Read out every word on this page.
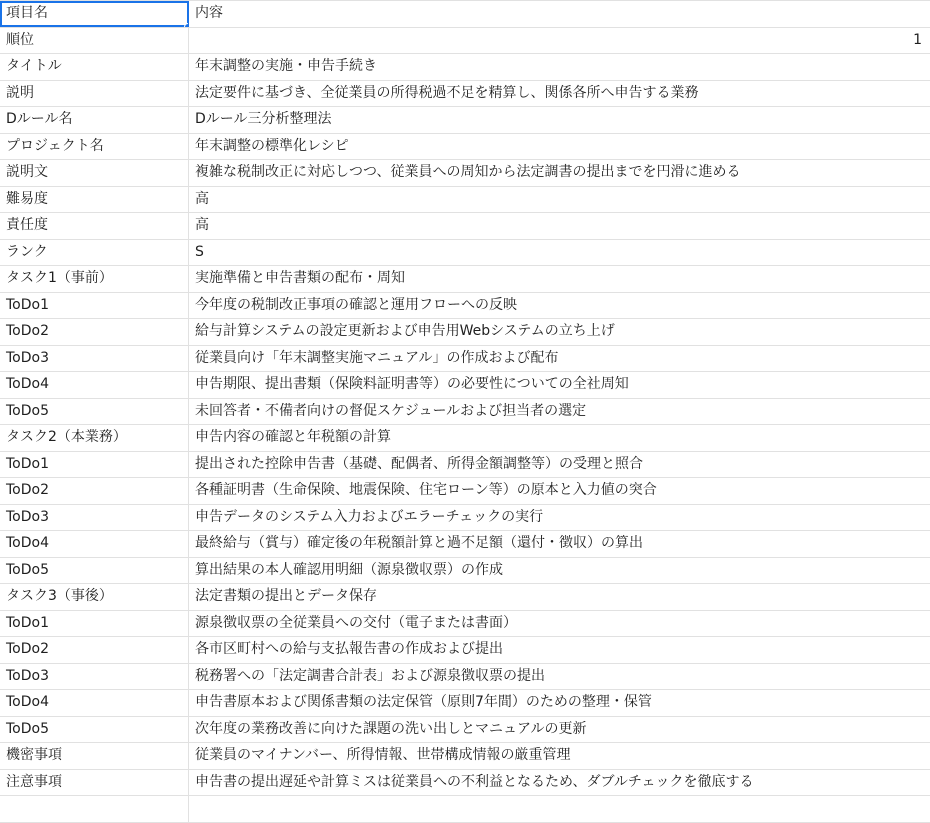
項目名	内容
順位	1
タイトル	年末調整の実施・申告手続き
説明	法定要件に基づき、全従業員の所得税過不足を精算し、関係各所へ申告する業務
Dルール名	Dルール三分析整理法
プロジェクト名	年末調整の標準化レシピ
説明文	複雑な税制改正に対応しつつ、従業員への周知から法定調書の提出までを円滑に進める
難易度	高
責任度	高
ランク	S
タスク1（事前）	実施準備と申告書類の配布・周知
ToDo1	今年度の税制改正事項の確認と運用フローへの反映
ToDo2	給与計算システムの設定更新および申告用Webシステムの立ち上げ
ToDo3	従業員向け「年末調整実施マニュアル」の作成および配布
ToDo4	申告期限、提出書類（保険料証明書等）の必要性についての全社周知
ToDo5	未回答者・不備者向けの督促スケジュールおよび担当者の選定
タスク2（本業務）	申告内容の確認と年税額の計算
ToDo1	提出された控除申告書（基礎、配偶者、所得金額調整等）の受理と照合
ToDo2	各種証明書（生命保険、地震保険、住宅ローン等）の原本と入力値の突合
ToDo3	申告データのシステム入力およびエラーチェックの実行
ToDo4	最終給与（賞与）確定後の年税額計算と過不足額（還付・徴収）の算出
ToDo5	算出結果の本人確認用明細（源泉徴収票）の作成
タスク3（事後）	法定書類の提出とデータ保存
ToDo1	源泉徴収票の全従業員への交付（電子または書面）
ToDo2	各市区町村への給与支払報告書の作成および提出
ToDo3	税務署への「法定調書合計表」および源泉徴収票の提出
ToDo4	申告書原本および関係書類の法定保管（原則7年間）のための整理・保管
ToDo5	次年度の業務改善に向けた課題の洗い出しとマニュアルの更新
機密事項	従業員のマイナンバー、所得情報、世帯構成情報の厳重管理
注意事項	申告書の提出遅延や計算ミスは従業員への不利益となるため、ダブルチェックを徹底する
